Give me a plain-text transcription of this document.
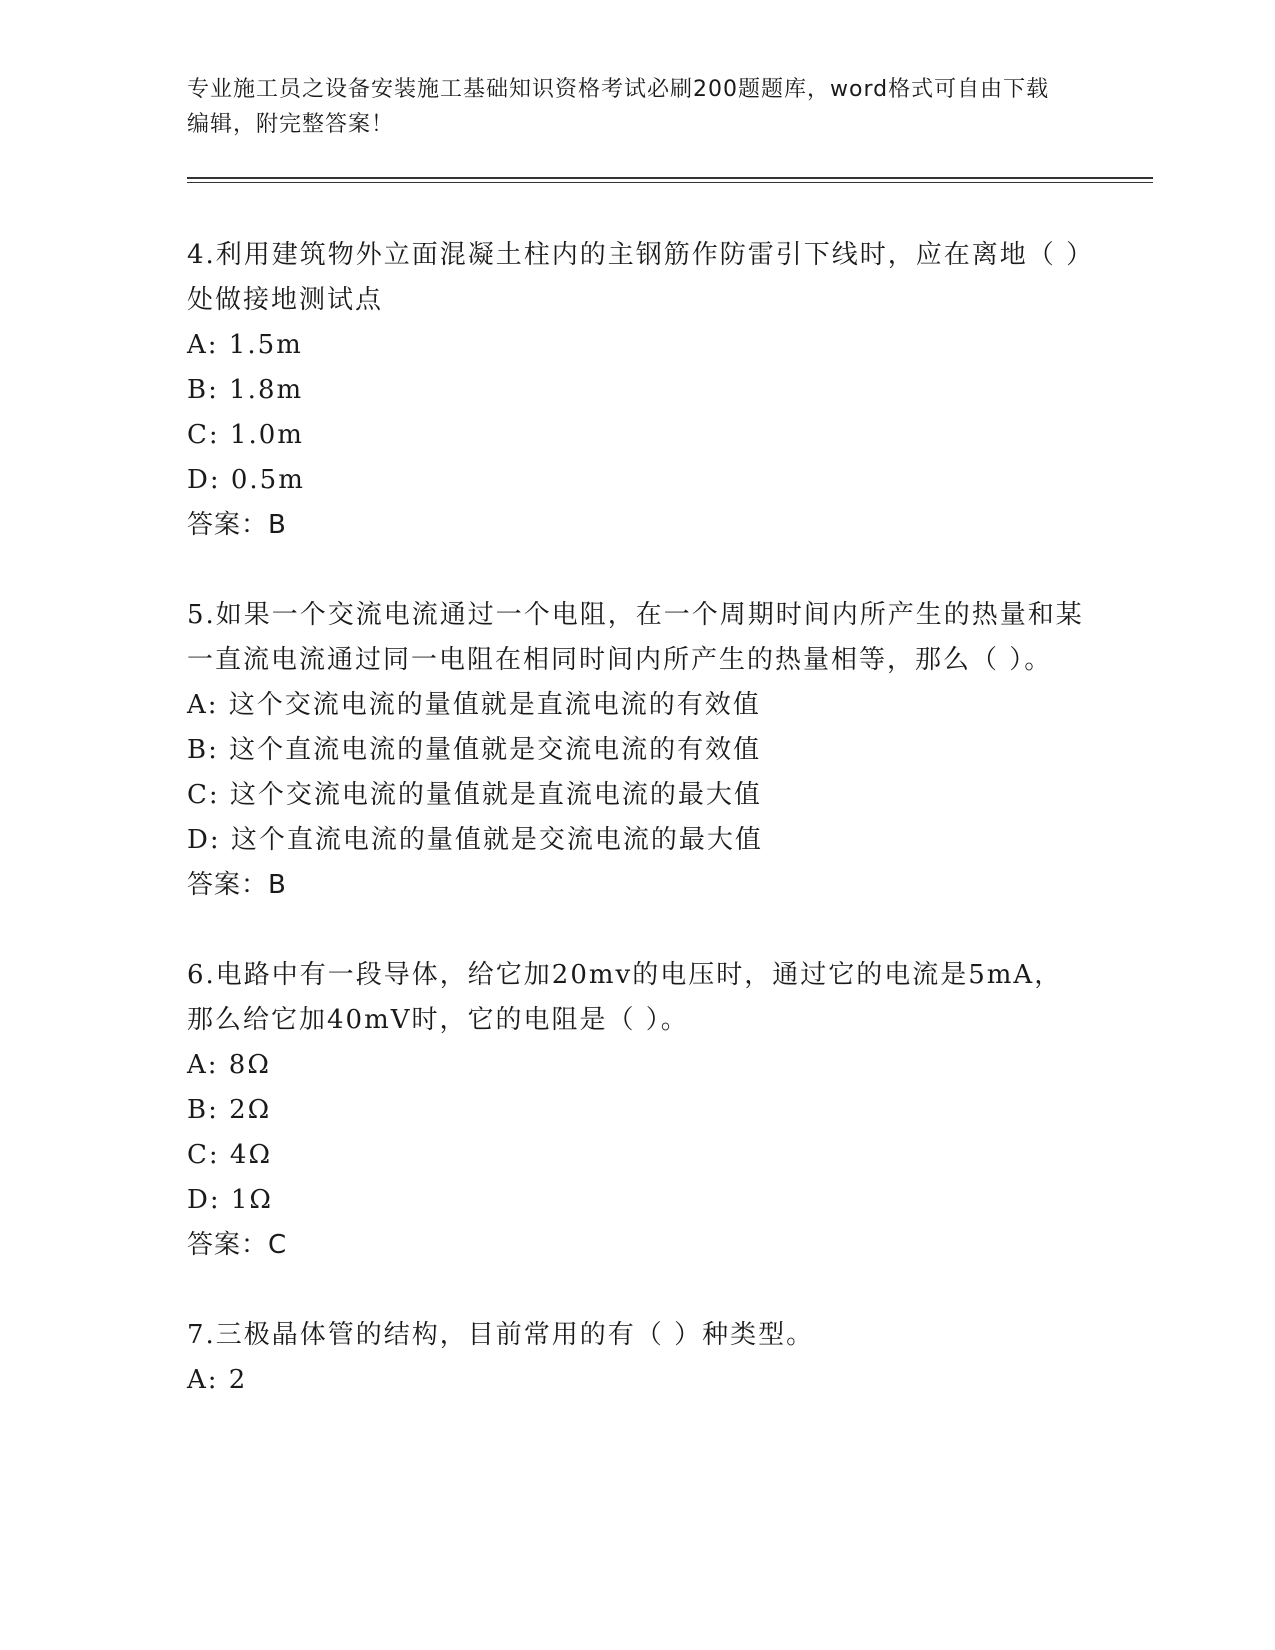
专业施工员之设备安装施工基础知识资格考试必刷200题题库，word格式可自由下载编辑，附完整答案！
4.利用建筑物外立面混凝土柱内的主钢筋作防雷引下线时，应在离地（ ）处做接地测试点
A: 1.5m
B: 1.8m
C: 1.0m
D: 0.5m
答案：B
5.如果一个交流电流通过一个电阻，在一个周期时间内所产生的热量和某一直流电流通过同一电阻在相同时间内所产生的热量相等，那么（ ）。
A: 这个交流电流的量值就是直流电流的有效值
B: 这个直流电流的量值就是交流电流的有效值
C: 这个交流电流的量值就是直流电流的最大值
D: 这个直流电流的量值就是交流电流的最大值
答案：B
6.电路中有一段导体，给它加20mv的电压时，通过它的电流是5mA，那么给它加40mV时，它的电阻是（ ）。
A: 8Ω
B: 2Ω
C: 4Ω
D: 1Ω
答案：C
7.三极晶体管的结构，目前常用的有（ ）种类型。
A: 2
